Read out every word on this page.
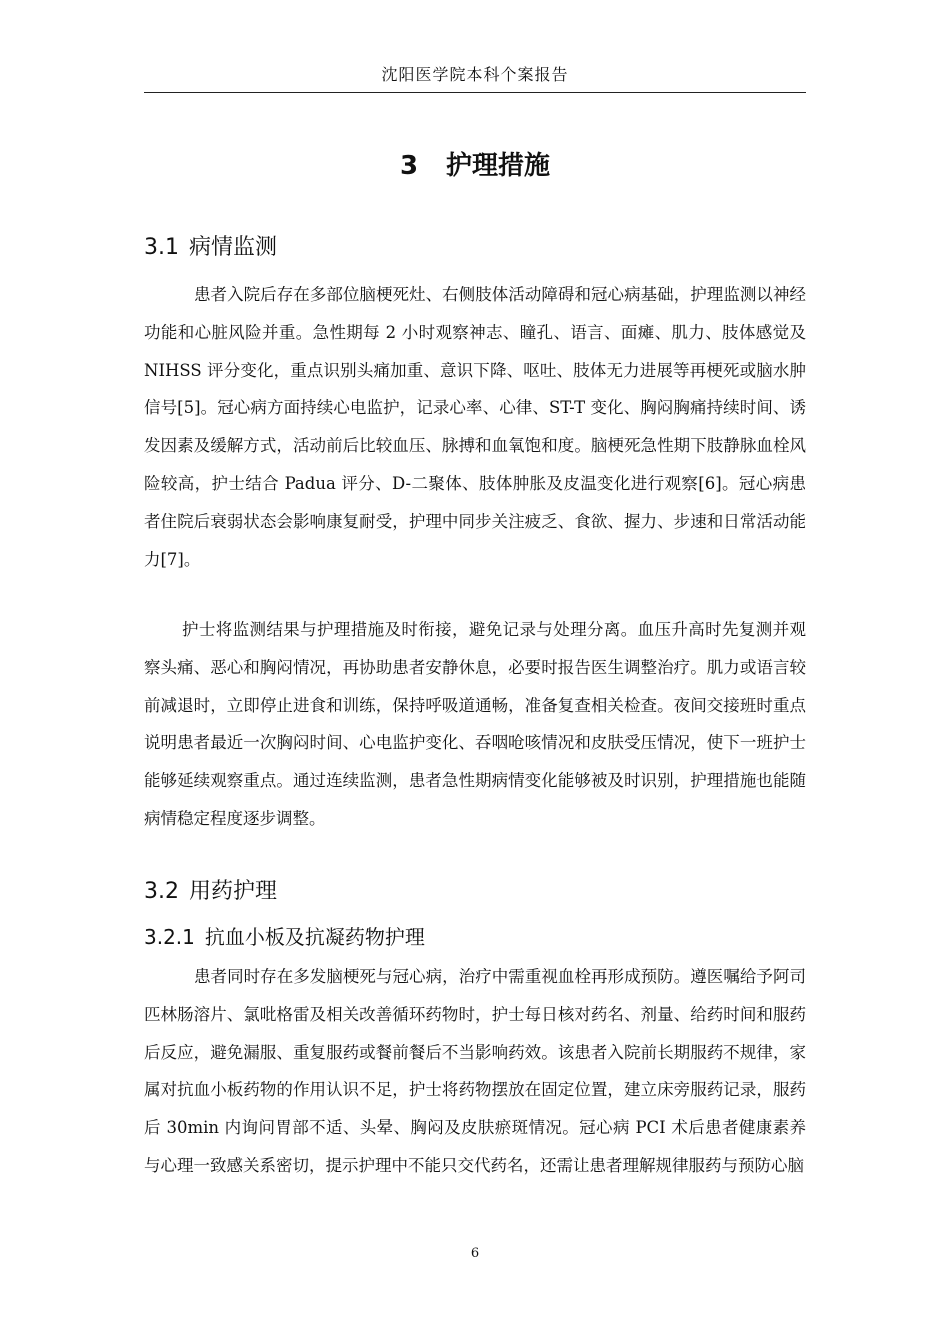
沈阳医学院本科个案报告
3 护理措施
3.1 病情监测

患者入院后存在多部位脑梗死灶、右侧肢体活动障碍和冠心病基础，护理监测以神经功能和心脏风险并重。急性期每 2 小时观察神志、瞳孔、语言、面瘫、肌力、肢体感觉及 NIHSS 评分变化，重点识别头痛加重、意识下降、呕吐、肢体无力进展等再梗死或脑水肿信号[5]。冠心病方面持续心电监护，记录心率、心律、ST-T 变化、胸闷胸痛持续时间、诱发因素及缓解方式，活动前后比较血压、脉搏和血氧饱和度。脑梗死急性期下肢静脉血栓风险较高，护士结合 Padua 评分、D-二聚体、肢体肿胀及皮温变化进行观察[6]。冠心病患者住院后衰弱状态会影响康复耐受，护理中同步关注疲乏、食欲、握力、步速和日常活动能力[7]。

护士将监测结果与护理措施及时衔接，避免记录与处理分离。血压升高时先复测并观察头痛、恶心和胸闷情况，再协助患者安静休息，必要时报告医生调整治疗。肌力或语言较前减退时，立即停止进食和训练，保持呼吸道通畅，准备复查相关检查。夜间交接班时重点说明患者最近一次胸闷时间、心电监护变化、吞咽呛咳情况和皮肤受压情况，使下一班护士能够延续观察重点。通过连续监测，患者急性期病情变化能够被及时识别，护理措施也能随病情稳定程度逐步调整。

3.2 用药护理
3.2.1 抗血小板及抗凝药物护理

患者同时存在多发脑梗死与冠心病，治疗中需重视血栓再形成预防。遵医嘱给予阿司匹林肠溶片、氯吡格雷及相关改善循环药物时，护士每日核对药名、剂量、给药时间和服药后反应，避免漏服、重复服药或餐前餐后不当影响药效。该患者入院前长期服药不规律，家属对抗血小板药物的作用认识不足，护士将药物摆放在固定位置，建立床旁服药记录，服药后 30min 内询问胃部不适、头晕、胸闷及皮肤瘀斑情况。冠心病 PCI 术后患者健康素养与心理一致感关系密切，提示护理中不能只交代药名，还需让患者理解规律服药与预防心脑

6
